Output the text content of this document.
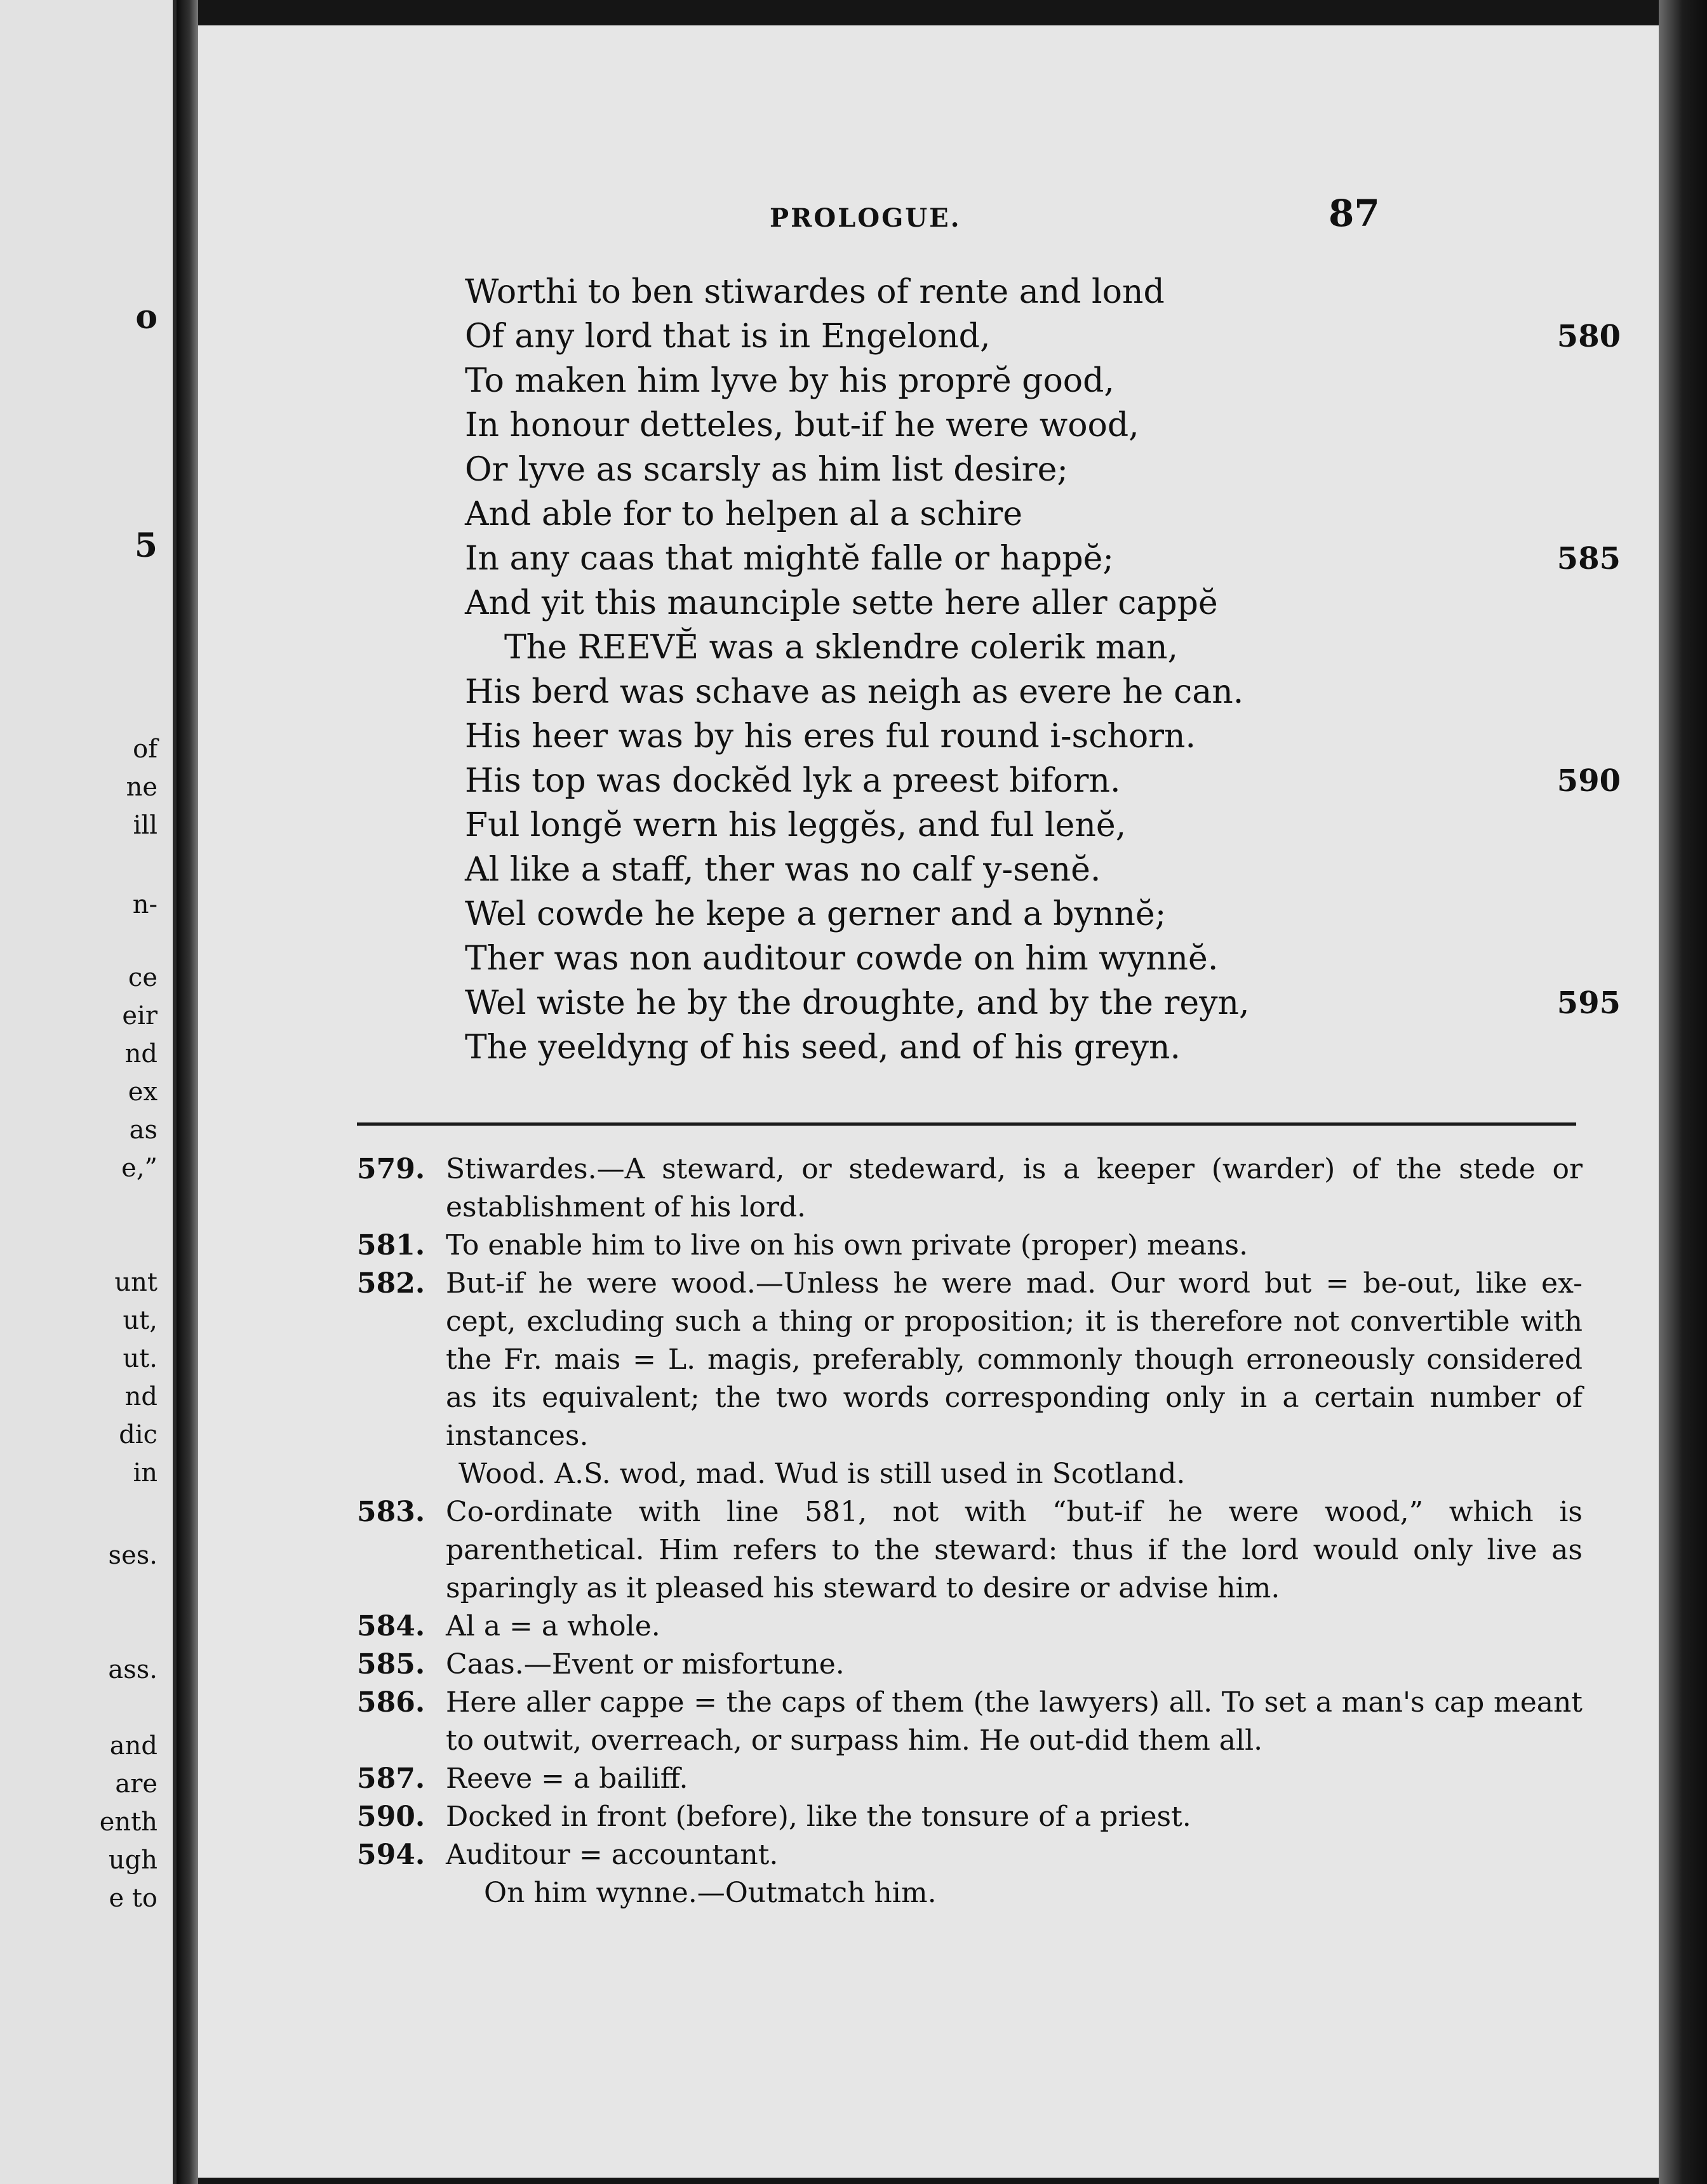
o

5

of

ne

ill

n-

ce

eir

nd

ex

as

e,”

unt

ut,

ut.

nd

dic

in

ses.

ass.

and

are

enth

ugh

e to

PROLOGUE.	87
Worthi to ben stiwardes of rente and lond
Of any lord that is in Engelond,	580
To maken him lyve by his proprĕ good,
In honour detteles, but-if he were wood,
Or lyve as scarsly as him list desire;
And able for to helpen al a schire
In any caas that mightĕ falle or happĕ;	585
And yit this maunciple sette here aller cappĕ
The REEVĔ was a sklendre colerik man,
His berd was schave as neigh as evere he can.
His heer was by his eres ful round i-schorn.
His top was dockĕd lyk a preest biforn.	590
Ful longĕ wern his leggĕs, and ful lenĕ,
Al like a staff, ther was no calf y-senĕ.
Wel cowde he kepe a gerner and a bynnĕ;
Ther was non auditour cowde on him wynnĕ.
Wel wiste he by the droughte, and by the reyn,	595
The yeeldyng of his seed, and of his greyn.
579. Stiwardes.—A steward, or stedeward, is a keeper (warder) of the stede or establishment of his lord.
581. To enable him to live on his own private (proper) means.
582. But-if he were wood.—Unless he were mad. Our word but = be-out, like ex-cept, excluding such a thing or proposition; it is therefore not convertible with the Fr. mais = L. magis, preferably, commonly though erroneously considered as its equivalent; the two words corresponding only in a certain number of instances.
Wood. A.S. wod, mad. Wud is still used in Scotland.
583. Co-ordinate with line 581, not with “but-if he were wood,” which is parenthetical. Him refers to the steward: thus if the lord would only live as sparingly as it pleased his steward to desire or advise him.
584. Al a = a whole.
585. Caas.—Event or misfortune.
586. Here aller cappe = the caps of them (the lawyers) all. To set a man's cap meant to outwit, overreach, or surpass him. He out-did them all.
587. Reeve = a bailiff.
590. Docked in front (before), like the tonsure of a priest.
594. Auditour = accountant.
On him wynne.—Outmatch him.
